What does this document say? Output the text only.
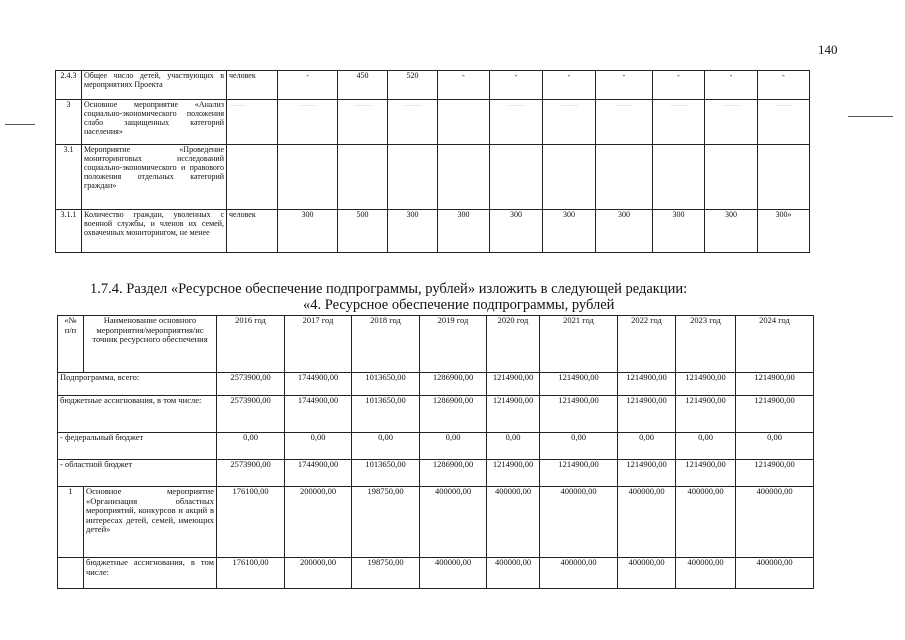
140
2.4.3	Общее число детей, участвующих в мероприятиях Проекта	человек	-	450	520	-	-	-	-	-	-	-
3	Основное мероприятие «Анализ социально-экономического положения слабо защищенных категорий населения»	— — —	— — —	— — —	— — —		— — —	— — —	— — —	— — —	— — —	— — —
3.1	Мероприятие «Проведение мониторинговых исследований социально-экономического и правового положения отдельных категорий граждан»											
3.1.1	Количество граждан, уволенных с военной службы, и членов их семей, охваченных мониторингом, не менее	человек	300	500	300	300	300	300	300	300	300	300»
1.7.4. Раздел «Ресурсное обеспечение подпрограммы, рублей» изложить в следующей редакции:
«4. Ресурсное обеспечение подпрограммы, рублей
«№ п/п	Наименование основного мероприятия/мероприятия/ис точник ресурсного обеспечения	2016 год	2017 год	2018 год	2019 год	2020 год	2021 год	2022 год	2023 год	2024 год
Подпрограмма, всего:		2573900,00	1744900,00	1013650,00	1286900,00	1214900,00	1214900,00	1214900,00	1214900,00	1214900,00
бюджетные ассигнования, в том числе:		2573900,00	1744900,00	1013650,00	1286900,00	1214900,00	1214900,00	1214900,00	1214900,00	1214900,00
- федеральный бюджет		0,00	0,00	0,00	0,00	0,00	0,00	0,00	0,00	0,00
- областной бюджет		2573900,00	1744900,00	1013650,00	1286900,00	1214900,00	1214900,00	1214900,00	1214900,00	1214900,00
1	Основное мероприятие «Организация областных мероприятий, конкурсов и акций в интересах детей, семей, имеющих детей»	176100,00	200000,00	198750,00	400000,00	400000,00	400000,00	400000,00	400000,00	400000,00
	бюджетные ассигнования, в том числе:	176100,00	200000,00	198750,00	400000,00	400000,00	400000,00	400000,00	400000,00	400000,00
